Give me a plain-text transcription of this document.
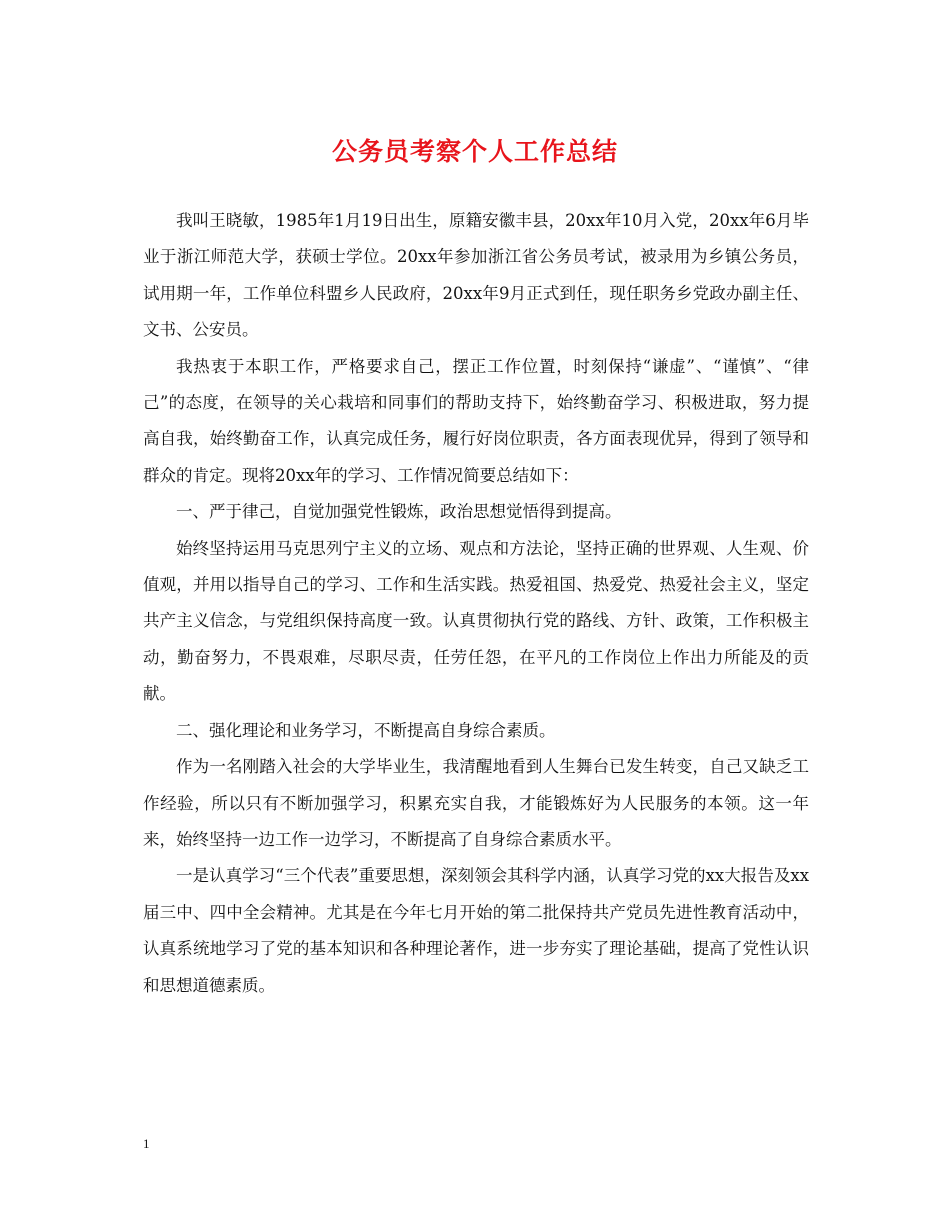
公务员考察个人工作总结

我叫王晓敏，1985年1月19日出生，原籍安徽丰县，20xx年10月入党，20xx年6月毕业于浙江师范大学，获硕士学位。20xx年参加浙江省公务员考试，被录用为乡镇公务员，试用期一年，工作单位科盟乡人民政府，20xx年9月正式到任，现任职务乡党政办副主任、文书、公安员。

我热衷于本职工作，严格要求自己，摆正工作位置，时刻保持“谦虚”、“谨慎”、“律己”的态度，在领导的关心栽培和同事们的帮助支持下，始终勤奋学习、积极进取，努力提高自我，始终勤奋工作，认真完成任务，履行好岗位职责，各方面表现优异，得到了领导和群众的肯定。现将20xx年的学习、工作情况简要总结如下：

一、严于律己，自觉加强党性锻炼，政治思想觉悟得到提高。

始终坚持运用马克思列宁主义的立场、观点和方法论，坚持正确的世界观、人生观、价值观，并用以指导自己的学习、工作和生活实践。热爱祖国、热爱党、热爱社会主义，坚定共产主义信念，与党组织保持高度一致。认真贯彻执行党的路线、方针、政策，工作积极主动，勤奋努力，不畏艰难，尽职尽责，任劳任怨，在平凡的工作岗位上作出力所能及的贡献。

二、强化理论和业务学习，不断提高自身综合素质。

作为一名刚踏入社会的大学毕业生，我清醒地看到人生舞台已发生转变，自己又缺乏工作经验，所以只有不断加强学习，积累充实自我，才能锻炼好为人民服务的本领。这一年来，始终坚持一边工作一边学习，不断提高了自身综合素质水平。

一是认真学习“三个代表”重要思想，深刻领会其科学内涵，认真学习党的xx大报告及xx届三中、四中全会精神。尤其是在今年七月开始的第二批保持共产党员先进性教育活动中，认真系统地学习了党的基本知识和各种理论著作，进一步夯实了理论基础，提高了党性认识和思想道德素质。

1
